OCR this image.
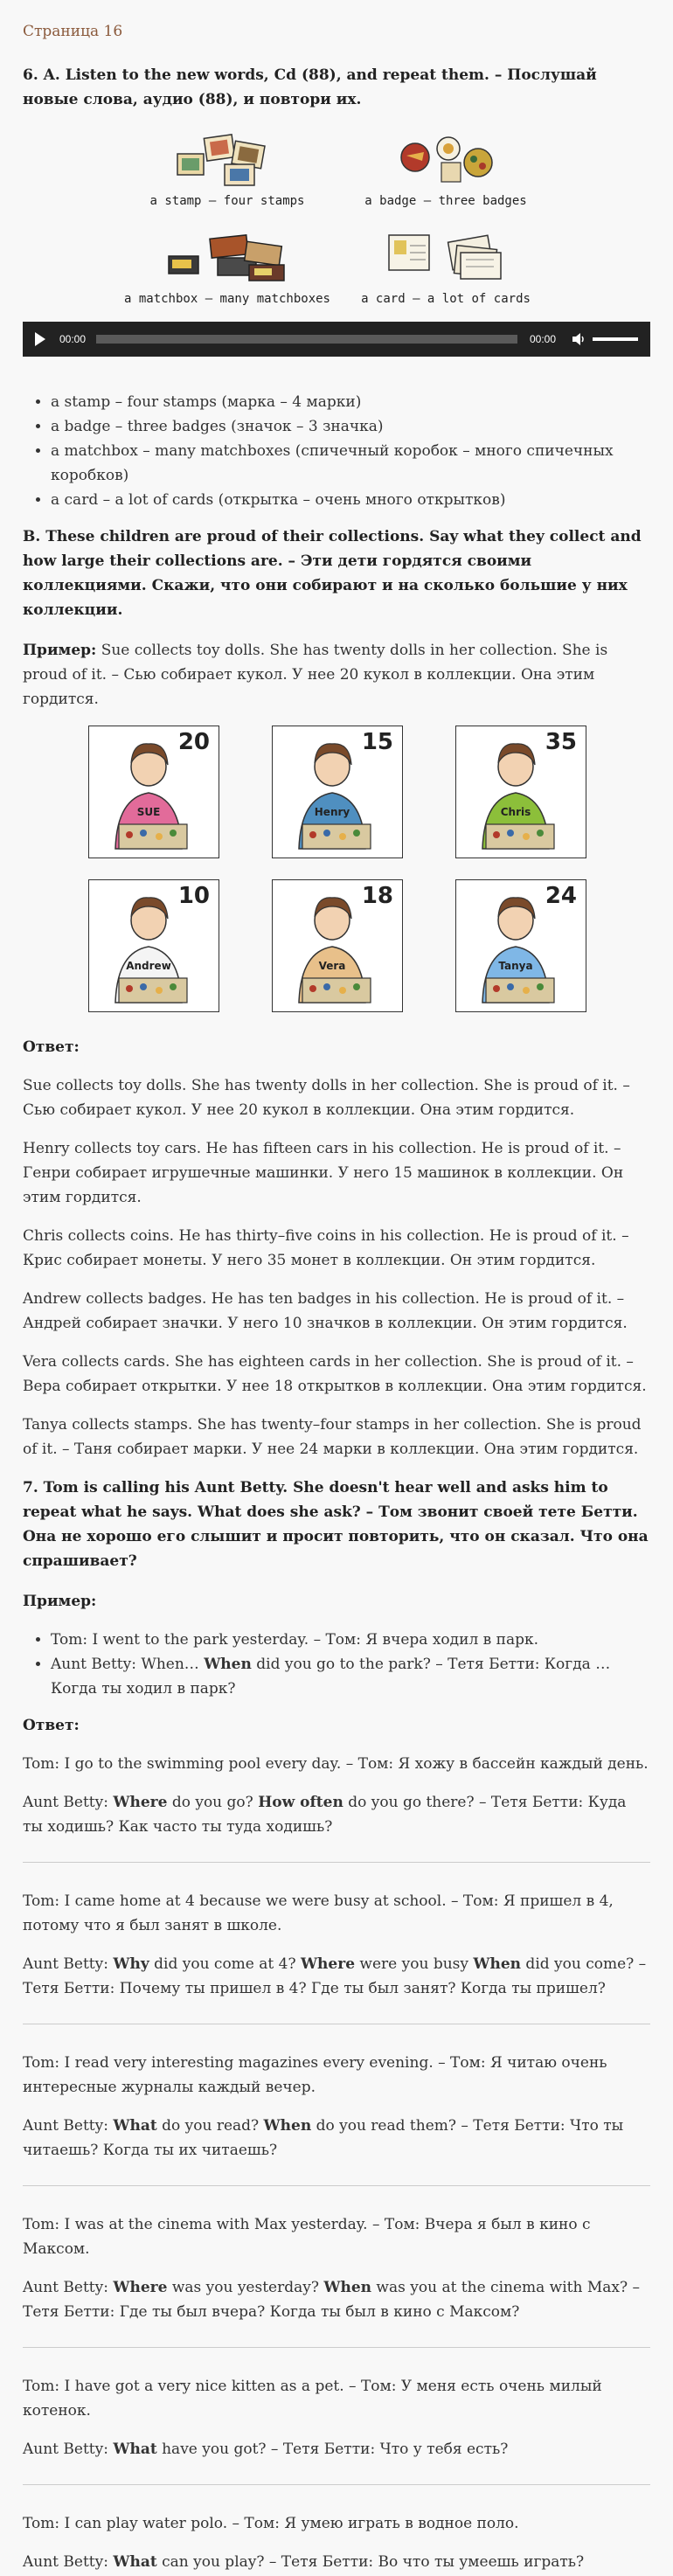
Страница 16
6. A. Listen to the new words, Cd (88), and repeat them. – Послушай новые слова, аудио (88), и повтори их.
a stamp — four stamps	a badge — three badges
a matchbox — many matchboxes	a card — a lot of cards
00:00	00:00
• a stamp – four stamps (марка – 4 марки)
• a badge – three badges (значок – 3 значка)
• a matchbox – many matchboxes (спичечный коробок – много спичечных коробков)
• a card – a lot of cards (открытка – очень много открытков)
B. These children are proud of their collections. Say what they collect and how large their collections are. – Эти дети гордятся своими коллекциями. Скажи, что они собирают и на сколько большие у них коллекции.

Пример: Sue collects toy dolls. She has twenty dolls in her collection. She is proud of it. – Сью собирает кукол. У нее 20 кукол в коллекции. Она этим гордится.

SUE
20
Henry
15
Chris
35
Andrew
10
Vera
18
Tanya
24

Ответ:

Sue collects toy dolls. She has twenty dolls in her collection. She is proud of it. – Сью собирает кукол. У нее 20 кукол в коллекции. Она этим гордится.

Henry collects toy cars. He has fifteen cars in his collection. He is proud of it. – Генри собирает игрушечные машинки. У него 15 машинок в коллекции. Он этим гордится.

Chris collects coins. He has thirty–five coins in his collection. He is proud of it. – Крис собирает монеты. У него 35 монет в коллекции. Он этим гордится.

Andrew collects badges. He has ten badges in his collection. He is proud of it. – Андрей собирает значки. У него 10 значков в коллекции. Он этим гордится.

Vera collects cards. She has eighteen cards in her collection. She is proud of it. – Вера собирает открытки. У нее 18 открытков в коллекции. Она этим гордится.

Tanya collects stamps. She has twenty–four stamps in her collection. She is proud of it. – Таня собирает марки. У нее 24 марки в коллекции. Она этим гордится.

7. Tom is calling his Aunt Betty. She doesn't hear well and asks him to repeat what he says. What does she ask? – Том звонит своей тете Бетти. Она не хорошо его слышит и просит повторить, что он сказал. Что она спрашивает?

Пример:

• Tom: I went to the park yesterday. – Том: Я вчера ходил в парк.
• Aunt Betty: When… When did you go to the park? – Тетя Бетти: Когда … Когда ты ходил в парк?

Ответ:

Tom: I go to the swimming pool every day. – Том: Я хожу в бассейн каждый день.

Aunt Betty: Where do you go? How often do you go there? – Тетя Бетти: Куда ты ходишь? Как часто ты туда ходишь?

Tom: I came home at 4 because we were busy at school. – Том: Я пришел в 4, потому что я был занят в школе.

Aunt Betty: Why did you come at 4? Where were you busy When did you come? – Тетя Бетти: Почему ты пришел в 4? Где ты был занят? Когда ты пришел?

Tom: I read very interesting magazines every evening. – Том: Я читаю очень интересные журналы каждый вечер.

Aunt Betty: What do you read? When do you read them? – Тетя Бетти: Что ты читаешь? Когда ты их читаешь?

Tom: I was at the cinema with Max yesterday. – Том: Вчера я был в кино с Максом.

Aunt Betty: Where was you yesterday? When was you at the cinema with Max? – Тетя Бетти: Где ты был вчера? Когда ты был в кино с Максом?

Tom: I have got a very nice kitten as a pet. – Том: У меня есть очень милый котенок.

Aunt Betty: What have you got? – Тетя Бетти: Что у тебя есть?

Tom: I can play water polo. – Том: Я умею играть в водное поло.

Aunt Betty: What can you play? – Тетя Бетти: Во что ты умеешь играть?
